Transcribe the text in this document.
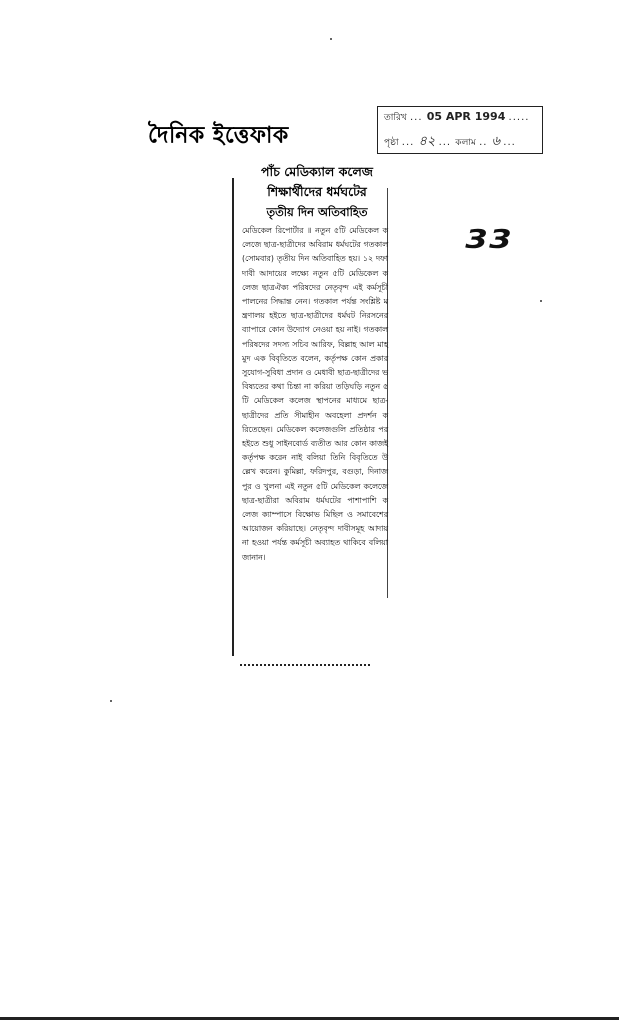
দৈনিক ইত্তেফাক
তারিখ ... 05 APR 1994 .....
পৃষ্ঠা ... ৪২ ... কলাম .. ৬ ...
33
পাঁচ মেডিক্যাল কলেজ
শিক্ষার্থীদের ধর্মঘটের
তৃতীয় দিন অতিবাহিত
মেডিকেল রিপোর্টার ॥ নতুন ৫টি মেডিকেল কলেজে ছাত্র-ছাত্রীদের অবিরাম ধর্মঘটের গতকাল (সোমবার) তৃতীয় দিন অতিবাহিত হয়। ১২ দফা দাবী আদায়ের লক্ষ্যে নতুন ৫টি মেডিকেল কলেজ ছাত্রঐক্য পরিষদের নেতৃবৃন্দ এই কর্মসূচী পালনের সিদ্ধান্ত নেন। গতকাল পর্যন্ত সংশ্লিষ্ট মন্ত্রণালয় হইতে ছাত্র-ছাত্রীদের ধর্মঘট নিরসনের ব্যাপারে কোন উদ্যোগ নেওয়া হয় নাই। গতকাল পরিষদের সদস্য সচিব আরিফ, বিল্লাহ আল মাহমুদ এক বিবৃতিতে বলেন, কর্তৃপক্ষ কোন প্রকার সুযোগ-সুবিধা প্রদান ও মেধাবী ছাত্র-ছাত্রীদের ভবিষ্যতের কথা চিন্তা না করিয়া তড়িঘড়ি নতুন ৫টি মেডিকেল কলেজ স্থাপনের মাধ্যমে ছাত্র-ছাত্রীদের প্রতি সীমাহীন অবহেলা প্রদর্শন করিতেছেন। মেডিকেল কলেজগুলি প্রতিষ্ঠার পর হইতে শুধু সাইনবোর্ড ব্যতীত আর কোন কাজই কর্তৃপক্ষ করেন নাই বলিয়া তিনি বিবৃতিতে উল্লেখ করেন। কুমিল্লা, ফরিদপুর, বগুড়া, দিনাজপুর ও খুলনা এই নতুন ৫টি মেডিকেল কলেজে ছাত্র-ছাত্রীরা অবিরাম ধর্মঘটের পাশাপাশি কলেজ ক্যাম্পাসে বিক্ষোভ মিছিল ও সমাবেশের আয়োজন করিয়াছে। নেতৃবৃন্দ দাবীসমূহ আদায় না হওয়া পর্যন্ত কর্মসূচী অব্যাহত থাকিবে বলিয়া জানান।
